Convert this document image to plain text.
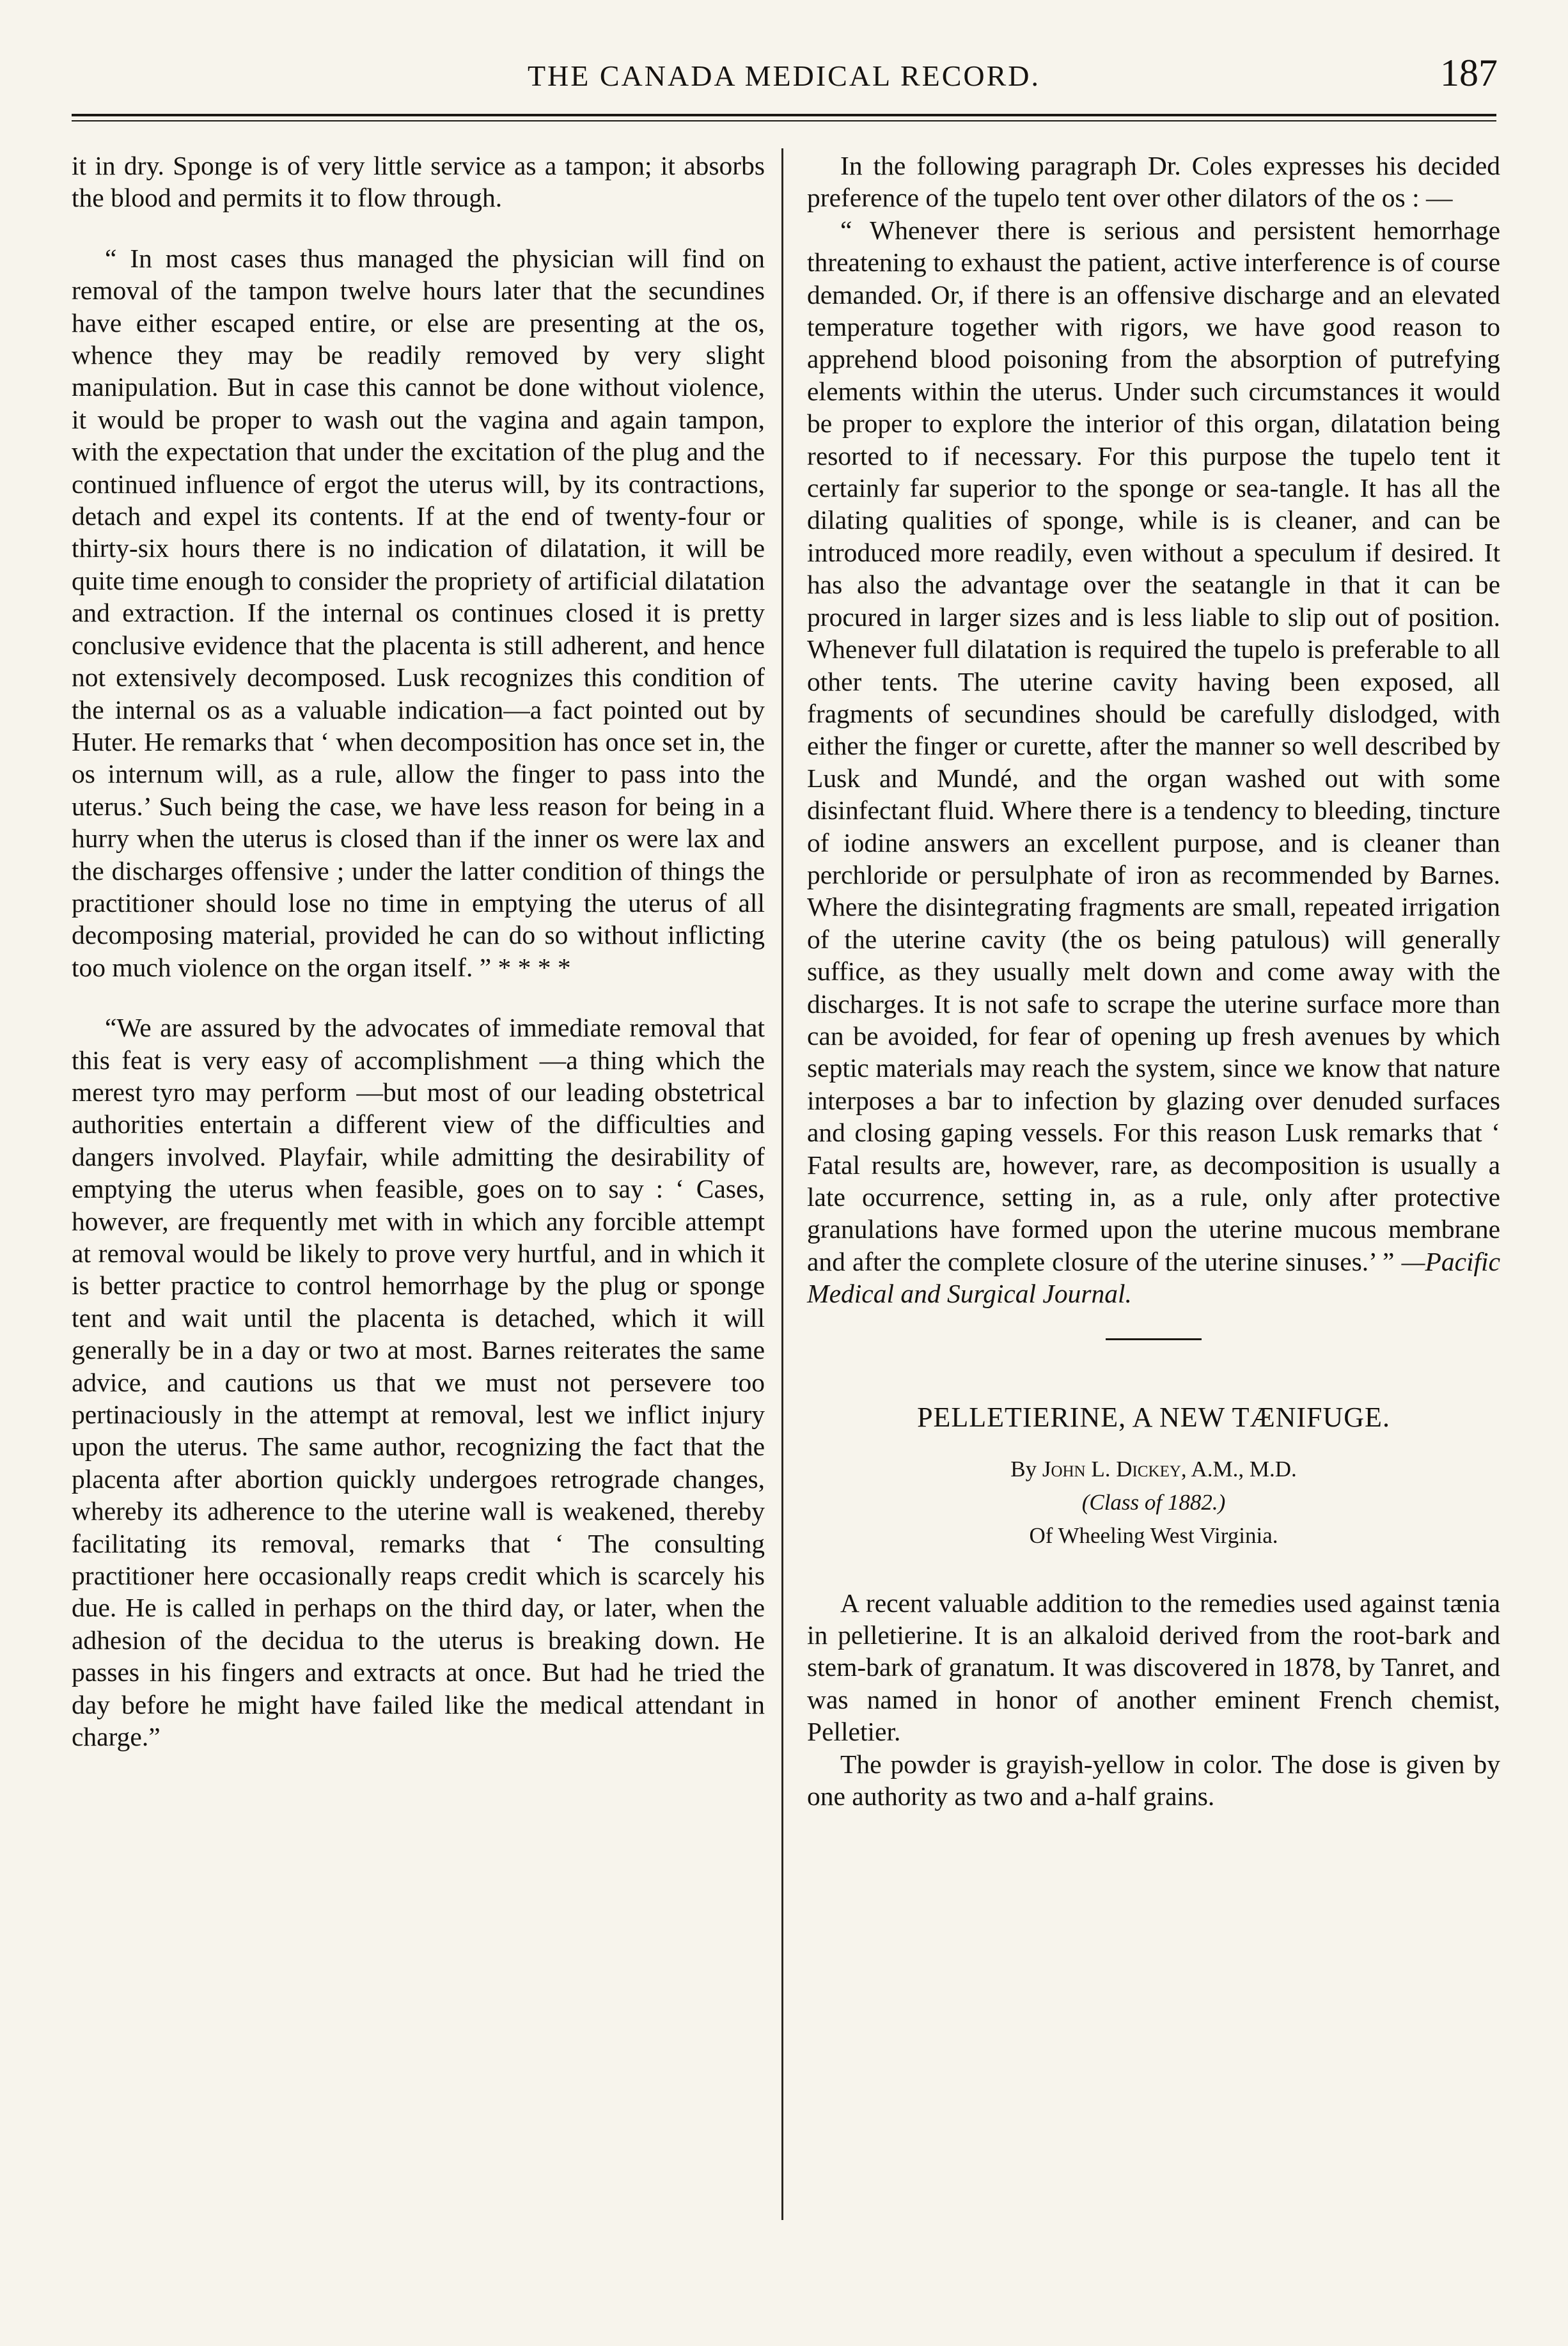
THE CANADA MEDICAL RECORD.	187

it in dry. Sponge is of very little service as a tampon; it absorbs the blood and permits it to flow through.

“ In most cases thus managed the physician will find on removal of the tampon twelve hours later that the secundines have either escaped entire, or else are presenting at the os, whence they may be readily removed by very slight manipulation. But in case this cannot be done without violence, it would be proper to wash out the vagina and again tampon, with the expectation that under the excitation of the plug and the continued influence of ergot the uterus will, by its contractions, detach and expel its contents. If at the end of twenty-four or thirty-six hours there is no indication of dilatation, it will be quite time enough to consider the propriety of artificial dilatation and extraction. If the internal os continues closed it is pretty conclusive evidence that the placenta is still adherent, and hence not extensively decomposed. Lusk recognizes this condition of the internal os as a valuable indication—a fact pointed out by Huter. He remarks that ‘ when decomposition has once set in, the os internum will, as a rule, allow the finger to pass into the uterus.’ Such being the case, we have less reason for being in a hurry when the uterus is closed than if the inner os were lax and the discharges offensive ; under the latter condition of things the practitioner should lose no time in emptying the uterus of all decomposing material, provided he can do so without inflicting too much violence on the organ itself. ” * * * *

“We are assured by the advocates of immediate removal that this feat is very easy of accomplishment —a thing which the merest tyro may perform —but most of our leading obstetrical authorities entertain a different view of the difficulties and dangers involved. Playfair, while admitting the desirability of emptying the uterus when feasible, goes on to say : ‘ Cases, however, are frequently met with in which any forcible attempt at removal would be likely to prove very hurtful, and in which it is better practice to control hemorrhage by the plug or sponge tent and wait until the placenta is detached, which it will generally be in a day or two at most. Barnes reiterates the same advice, and cautions us that we must not persevere too pertinaciously in the attempt at removal, lest we inflict injury upon the uterus. The same author, recognizing the fact that the placenta after abortion quickly undergoes retrograde changes, whereby its adherence to the uterine wall is weakened, thereby facilitating its removal, remarks that ‘ The consulting practitioner here occasionally reaps credit which is scarcely his due. He is called in perhaps on the third day, or later, when the adhesion of the decidua to the uterus is breaking down. He passes in his fingers and extracts at once. But had he tried the day before he might have failed like the medical attendant in charge.”

In the following paragraph Dr. Coles expresses his decided preference of the tupelo tent over other dilators of the os : —

“ Whenever there is serious and persistent hemorrhage threatening to exhaust the patient, active interference is of course demanded. Or, if there is an offensive discharge and an elevated temperature together with rigors, we have good reason to apprehend blood poisoning from the absorption of putrefying elements within the uterus. Under such circumstances it would be proper to explore the interior of this organ, dilatation being resorted to if necessary. For this purpose the tupelo tent it certainly far superior to the sponge or sea-tangle. It has all the dilating qualities of sponge, while is is cleaner, and can be introduced more readily, even without a speculum if desired. It has also the advantage over the seatangle in that it can be procured in larger sizes and is less liable to slip out of position. Whenever full dilatation is required the tupelo is preferable to all other tents. The uterine cavity having been exposed, all fragments of secundines should be carefully dislodged, with either the finger or curette, after the manner so well described by Lusk and Mundé, and the organ washed out with some disinfectant fluid. Where there is a tendency to bleeding, tincture of iodine answers an excellent purpose, and is cleaner than perchloride or persulphate of iron as recommended by Barnes. Where the disintegrating fragments are small, repeated irrigation of the uterine cavity (the os being patulous) will generally suffice, as they usually melt down and come away with the discharges. It is not safe to scrape the uterine surface more than can be avoided, for fear of opening up fresh avenues by which septic materials may reach the system, since we know that nature interposes a bar to infection by glazing over denuded surfaces and closing gaping vessels. For this reason Lusk remarks that ‘ Fatal results are, however, rare, as decomposition is usually a late occurrence, setting in, as a rule, only after protective granulations have formed upon the uterine mucous membrane and after the complete closure of the uterine sinuses.’ ” —Pacific Medical and Surgical Journal.

PELLETIERINE, A NEW TÆNIFUGE.
By John L. Dickey, A.M., M.D.
(Class of 1882.)
Of Wheeling West Virginia.

A recent valuable addition to the remedies used against tænia in pelletierine. It is an alkaloid derived from the root-bark and stem-bark of granatum. It was discovered in 1878, by Tanret, and was named in honor of another eminent French chemist, Pelletier.

The powder is grayish-yellow in color. The dose is given by one authority as two and a-half grains.
